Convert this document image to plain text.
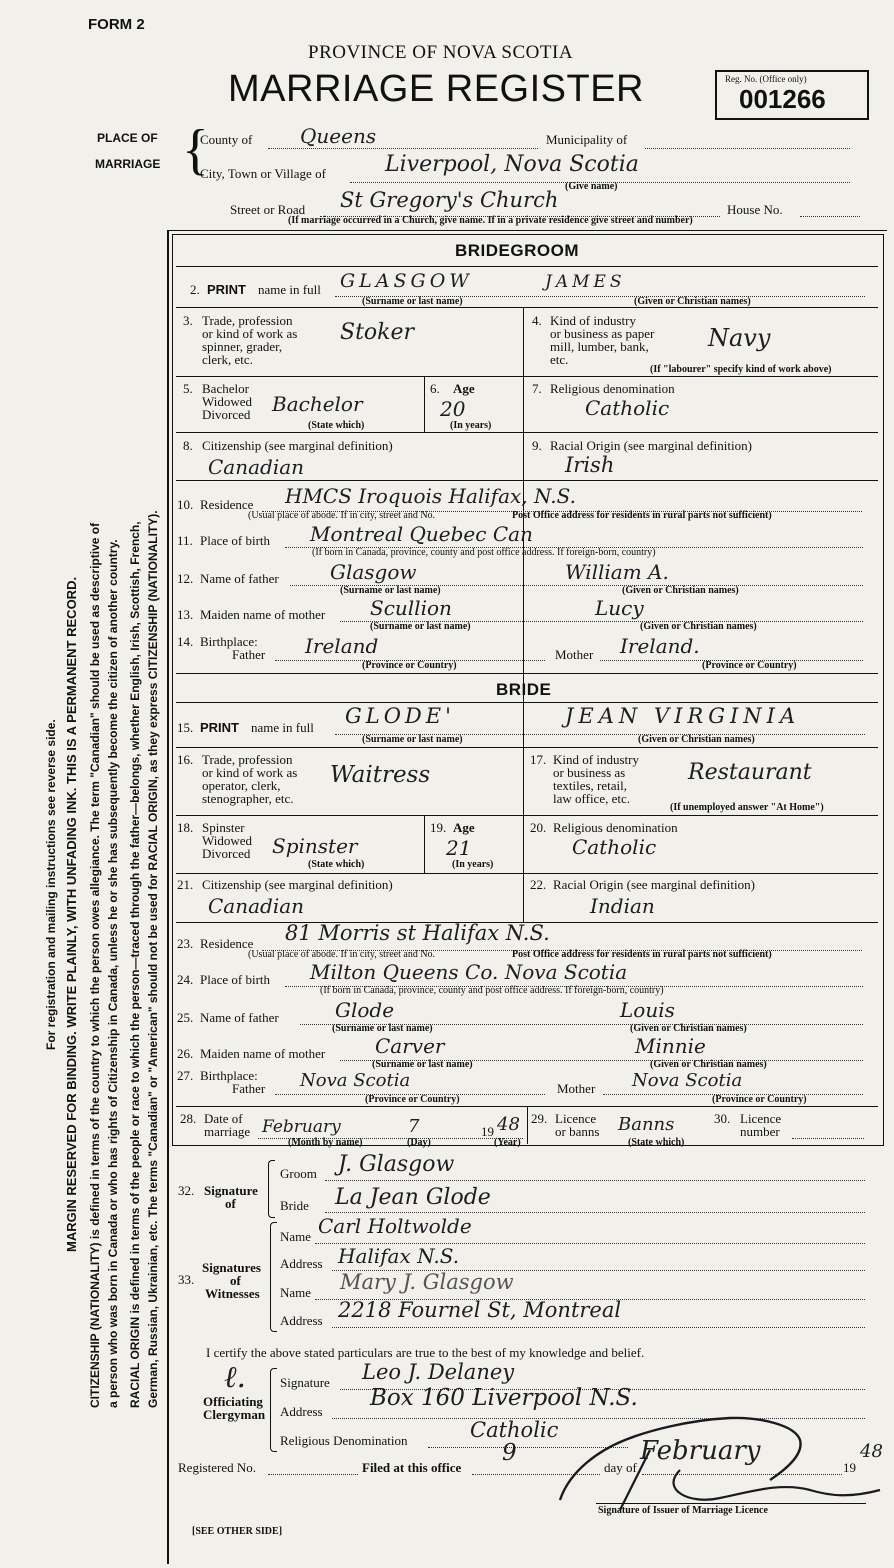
FORM 2
PROVINCE OF NOVA SCOTIA
MARRIAGE REGISTER	Reg. No. (Office only)
001266
For registration and mailing instructions see reverse side. MARGIN RESERVED FOR BINDING. WRITE PLAINLY, WITH UNFADING INK. THIS IS A PERMANENT RECORD. CITIZENSHIP (NATIONALITY) is defined in terms of the country to which the person owes allegiance. The term "Canadian" should be used as descriptive of a person who was born in Canada or who has rights of Citizenship in Canada, unless he or she has subsequently become the citizen of another country. RACIAL ORIGIN is defined in terms of the people or race to which the person—traced through the father—belongs, whether English, Irish, Scottish, French, German, Russian, Ukrainian, etc. The terms "Canadian" or "American" should not be used for RACIAL ORIGIN, as they express CITIZENSHIP (NATIONALITY).
PLACE OF
MARRIAGE {
County of Queens	Municipality of
City, Town or Village of	Liverpool, Nova Scotia
(Give name)
Street or Road St Gregory's Church	House No.
(If marriage occurred in a Church, give name. If in a private residence give street and number)
BRIDEGROOM
2. PRINT name in full GLASGOW	JAMES
(Surname or last name)	(Given or Christian names)
3. Trade, profession
or kind of work as
spinner, grader,
clerk, etc.
Stoker	4. Kind of industry
or business as paper
mill, lumber, bank,
etc.
Navy
(If "labourer" specify kind of work above)
5. Bachelor
Widowed
Divorced Bachelor
(State which)
6. Age
20
(In years)
7. Religious denomination
Catholic
8. Citizenship (see marginal definition)
Canadian
9. Racial Origin (see marginal definition)
Irish
10. Residence HMCS Iroquois Halifax, N.S.
(Usual place of abode. If in city, street and No.	Post Office address for residents in rural parts not sufficient)
11. Place of birth Montreal Quebec Can
(If born in Canada, province, county and post office address. If foreign-born, country)
12. Name of father	Glasgow	William A.
(Surname or last name)	(Given or Christian names)
13. Maiden name of mother Scullion	Lucy
(Surname or last name)	(Given or Christian names)
14. Birthplace:
Father Ireland	Mother Ireland.
(Province or Country)	(Province or Country)
BRIDE
15. PRINT name in full GLODE'	JEAN VIRGINIA
(Surname or last name)	(Given or Christian names)
16. Trade, profession
or kind of work as
operator, clerk,
stenographer, etc.
Waitress
17. Kind of industry
or business as
textiles, retail,
law office, etc.
Restaurant
(If unemployed answer "At Home")
18. Spinster
Widowed
Divorced Spinster
(State which)
19. Age
21
(In years)
20. Religious denomination
Catholic
21. Citizenship (see marginal definition)
Canadian
22. Racial Origin (see marginal definition)
Indian
23. Residence 81 Morris st Halifax N.S.
(Usual place of abode. If in city, street and No.	Post Office address for residents in rural parts not sufficient)
24. Place of birth Milton Queens Co. Nova Scotia
(If born in Canada, province, county and post office address. If foreign-born, country)
25. Name of father	Glode	Louis
(Surname or last name)	(Given or Christian names)
26. Maiden name of mother Carver	Minnie
(Surname or last name)	(Given or Christian names)
27. Birthplace:
Father Nova Scotia	Mother Nova Scotia
(Province or Country)	(Province or Country)
28. Date of
marriage February	7	19 48
(Month by name)	(Day)	(Year)
29. Licence
or banns Banns
(State which)
30. Licence
number
32. Signature
of
Groom J. Glasgow
Bride La Jean Glode
33.
Signatures
of
Witnesses
Name Carl Holtwolde
Address Halifax N.S.
Name Mary J. Glasgow
Address 2218 Fournel St, Montreal
I certify the above stated particulars are true to the best of my knowledge and belief.
ℓ.
Officiating
Clergyman
Signature Leo J. Delaney
Address
Box 160 Liverpool N.S.
Religious Denomination	Catholic
Registered No.	Filed at this office
9
day of
February
19
48
Signature of Issuer of Marriage Licence
[SEE OTHER SIDE]
